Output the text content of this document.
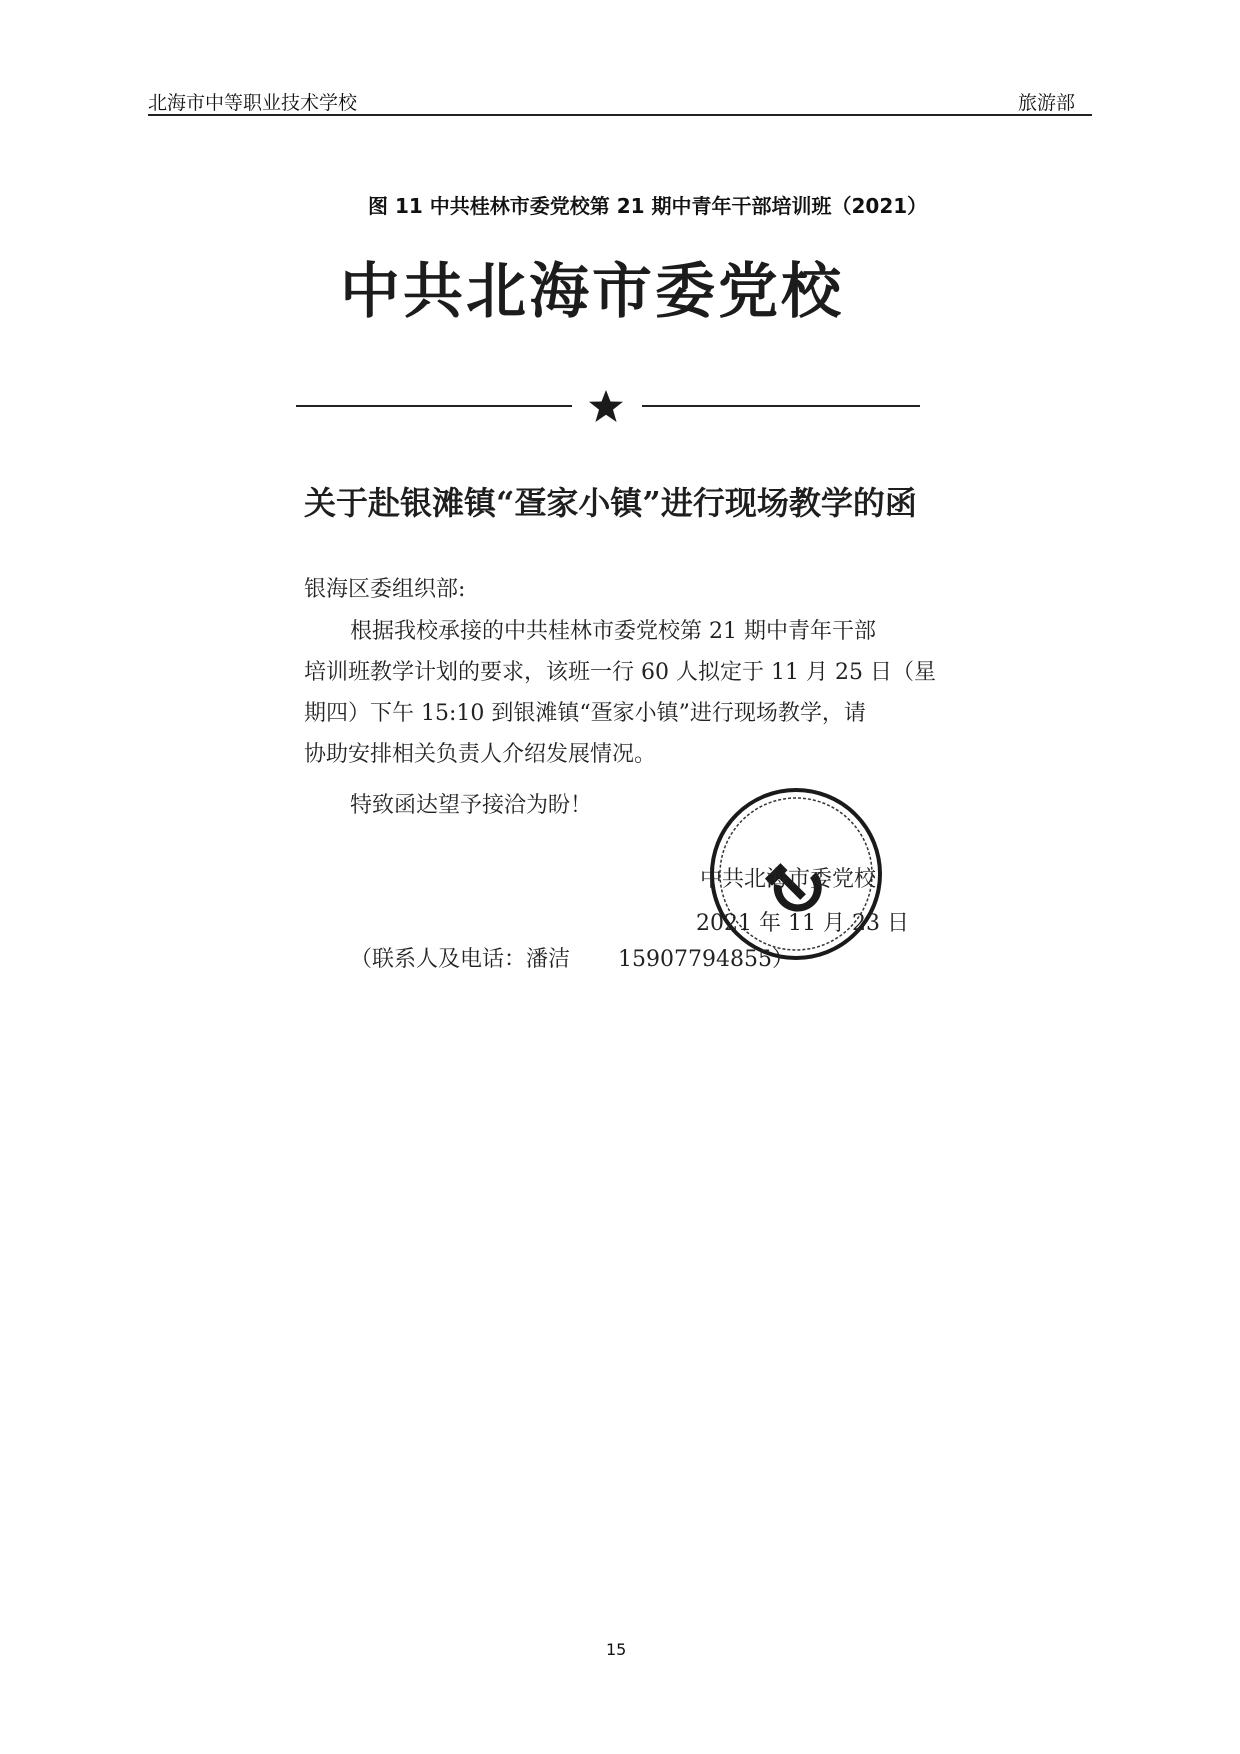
北海市中等职业技术学校	旅游部
图 11 中共桂林市委党校第 21 期中青年干部培训班（2021）
中共北海市委党校
关于赴银滩镇“疍家小镇”进行现场教学的函
银海区委组织部:
根据我校承接的中共桂林市委党校第 21 期中青年干部
培训班教学计划的要求，该班一行 60 人拟定于 11 月 25 日（星
期四）下午 15:10 到银滩镇“疍家小镇”进行现场教学，请
协助安排相关负责人介绍发展情况。
特致函达望予接洽为盼！
中共北海市委党校
2021 年 11 月 23 日
（联系人及电话：潘洁 15907794855）
15
